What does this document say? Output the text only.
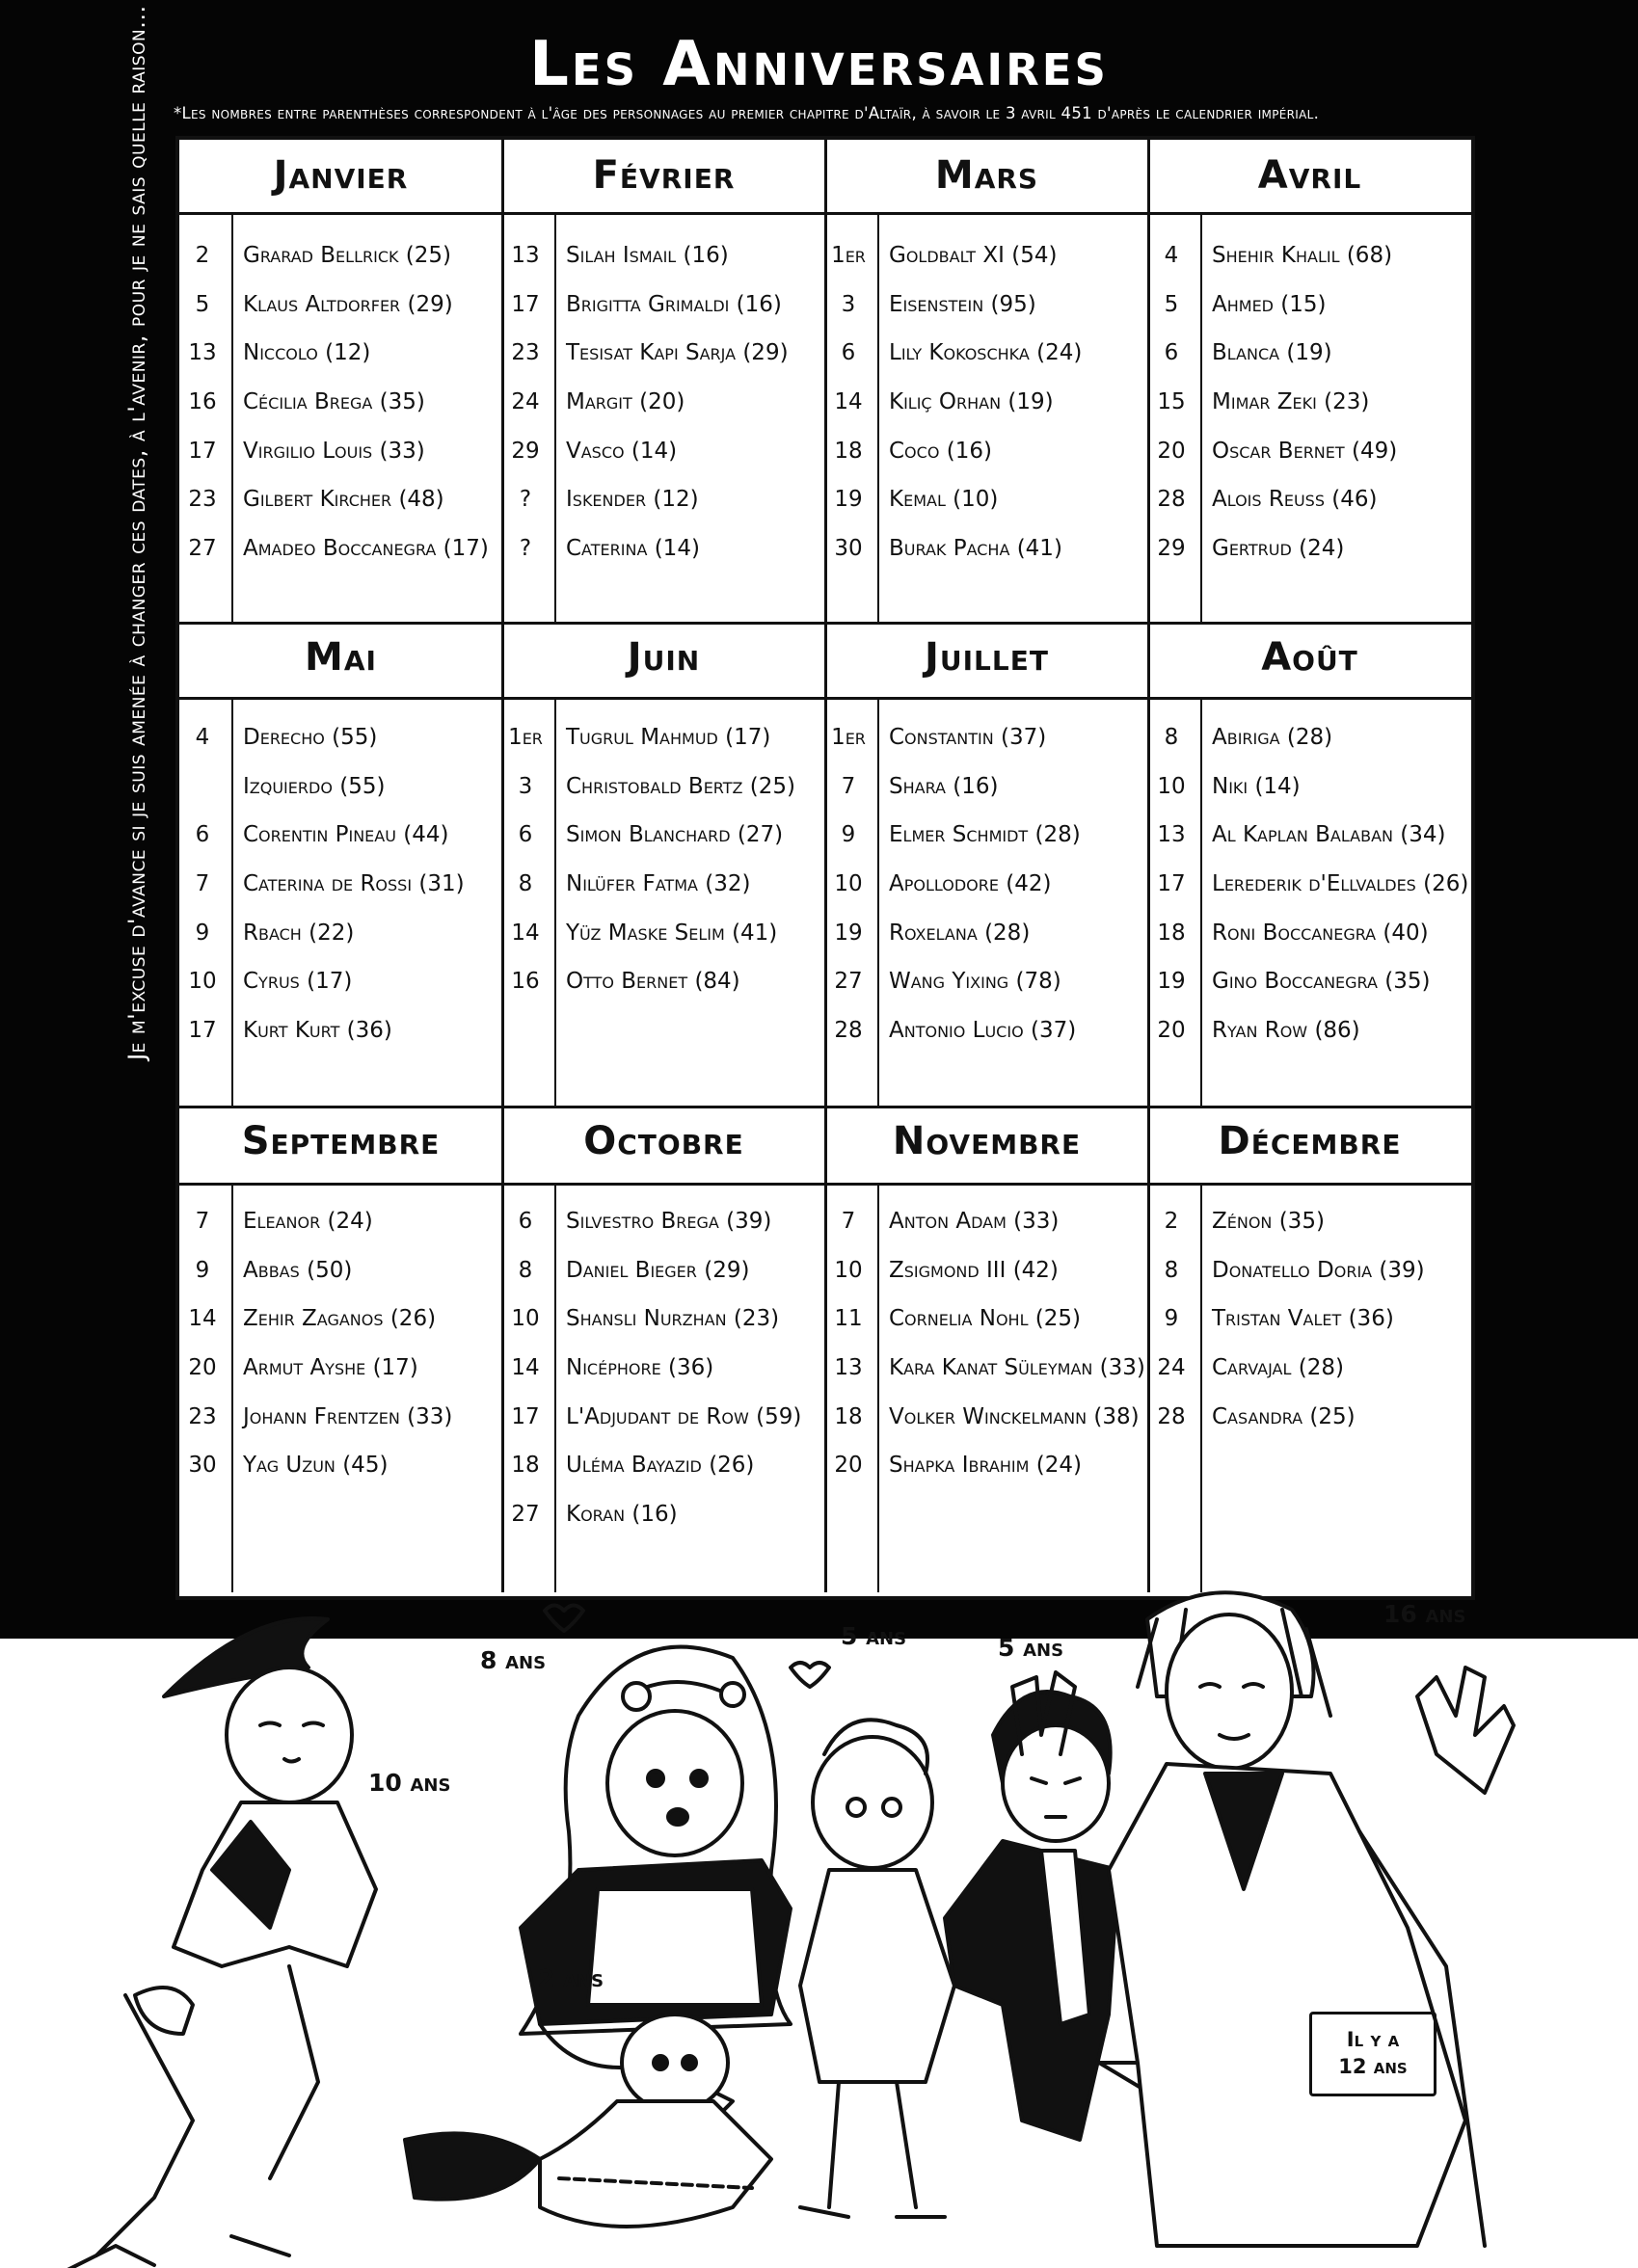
Les Anniversaires
*Les nombres entre parenthèses correspondent à l'âge des personnages au premier chapitre d'Altaïr, à savoir le 3 avril 451 d'après le calendrier impérial.
Je m'excuse d'avance si je suis amenée à changer ces dates, à l'avenir, pour je ne sais quelle raison...	Janvier
2	Grarad Bellrick (25)
5	Klaus Altdorfer (29)
13	Niccolo (12)
16	Cécilia Brega (35)
17	Virgilio Louis (33)
23	Gilbert Kircher (48)
27	Amadeo Boccanegra (17)
Février
13	Silah Ismail (16)
17	Brigitta Grimaldi (16)
23	Tesisat Kapi Sarja (29)
24	Margit (20)
29	Vasco (14)
?	Iskender (12)
?	Caterina (14)
Mars
1er Goldbalt XI (54)
3	Eisenstein (95)
6	Lily Kokoschka (24)
14	Kiliç Orhan (19)
18	Coco (16)
19	Kemal (10)
30	Burak Pacha (41)
Avril
4	Shehir Khalil (68)
5	Ahmed (15)
6	Blanca (19)
15	Mimar Zeki (23)
20	Oscar Bernet (49)
28	Alois Reuss (46)
29	Gertrud (24)
Mai
4	Derecho (55)
Izquierdo (55)
6	Corentin Pineau (44)
7	Caterina de Rossi (31)
9	Rbach (22)
10	Cyrus (17)
17	Kurt Kurt (36)
Juin
1er Tugrul Mahmud (17)
3	Christobald Bertz (25)
6	Simon Blanchard (27)
8	Nilüfer Fatma (32)
14	Yüz Maske Selim (41)
16	Otto Bernet (84)
Juillet
1er Constantin (37)
7	Shara (16)
9	Elmer Schmidt (28)
10	Apollodore (42)
19	Roxelana (28)
27	Wang Yixing (78)
28	Antonio Lucio (37)
Août
8	Abiriga (28)
10	Niki (14)
13	Al Kaplan Balaban (34)
17	Lerederik d'Ellvaldes (26)
18	Roni Boccanegra (40)
19	Gino Boccanegra (35)
20	Ryan Row (86)
Septembre
7	Eleanor (24)
9	Abbas (50)
14	Zehir Zaganos (26)
20	Armut Ayshe (17)
23	Johann Frentzen (33)
30	Yag Uzun (45)
Octobre
6	Silvestro Brega (39)
8	Daniel Bieger (29)
10	Shansli Nurzhan (23)
14	Nicéphore (36)
17	L'Adjudant de Row (59)
18	Uléma Bayazid (26)
27	Koran (16)
Novembre
7	Anton Adam (33)
10	Zsigmond III (42)
11	Cornelia Nohl (25)
13	Kara Kanat Süleyman (33)
18	Volker Winckelmann (38)
20	Shapka Ibrahim (24)
Décembre
2	Zénon (35)
8	Donatello Doria (39)
9	Tristan Valet (36)
24	Carvajal (28)
28	Casandra (25)
10 ans
8 ans
5 ans	5 ans
16 ans
2 ans
Il y a
12 ans
